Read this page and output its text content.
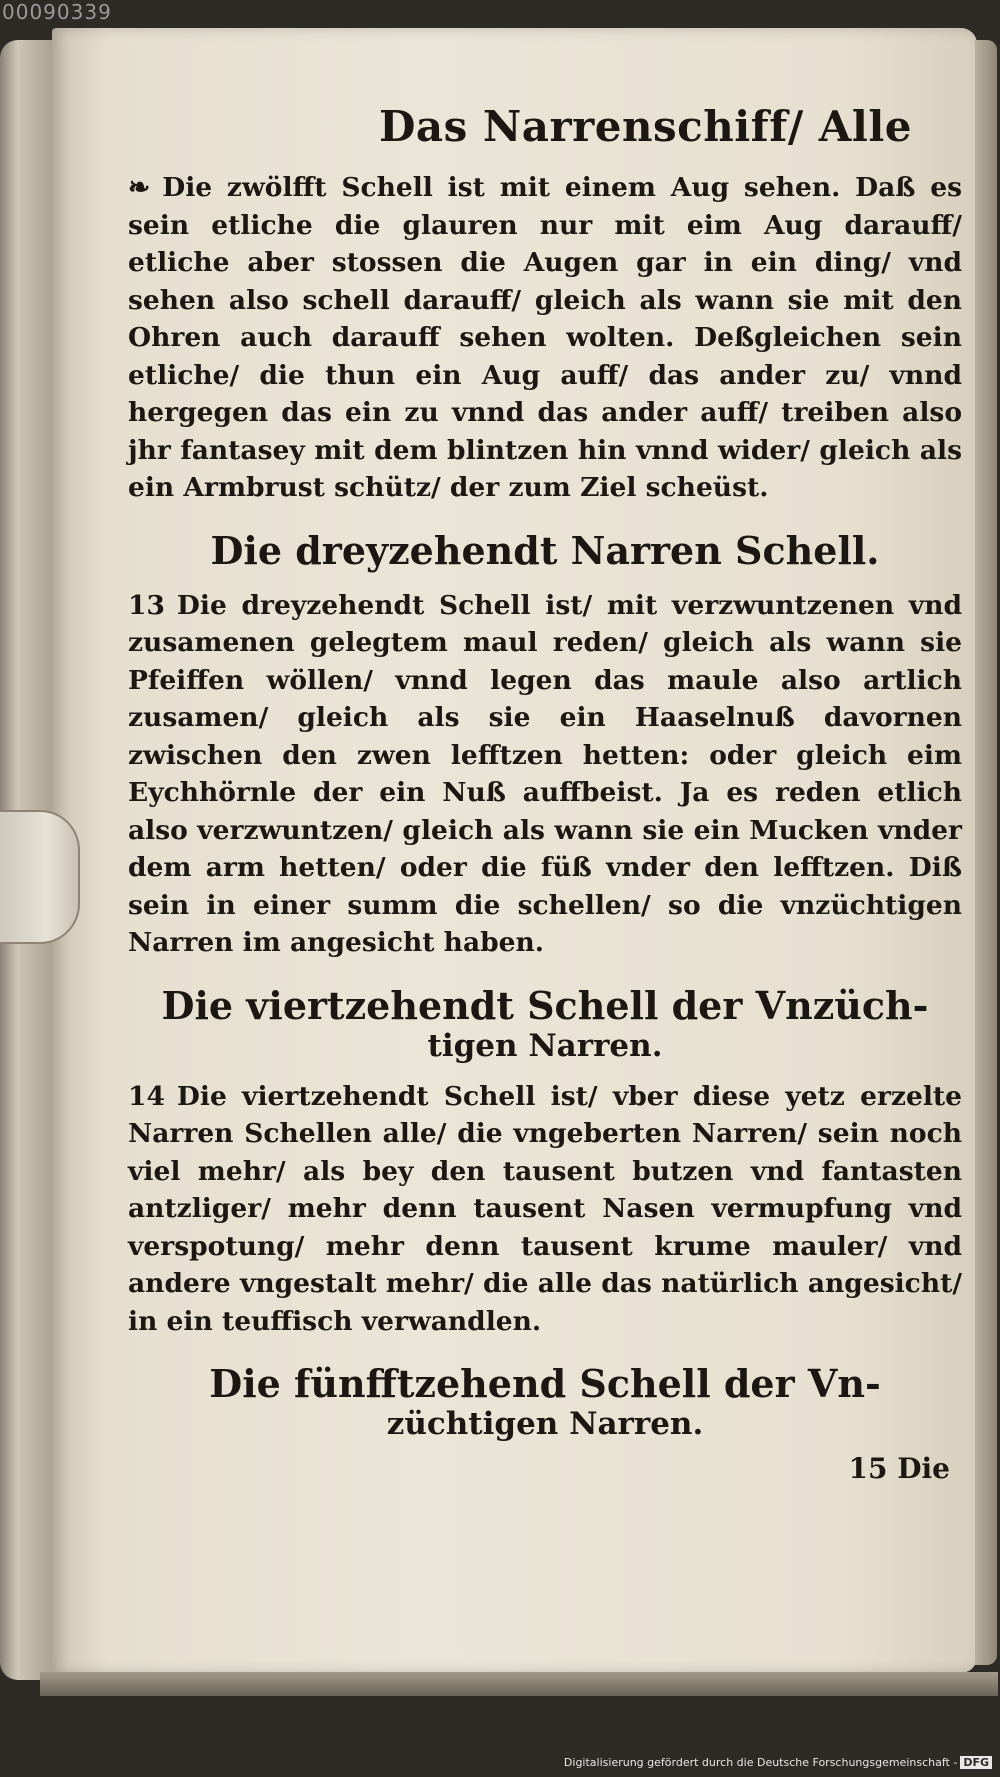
00090339
Das Narrenschiff/ Alle

❧ Die zwölfft Schell ist mit einem Aug sehen. Daß es sein etliche die glauren nur mit eim Aug darauff/ etliche aber stossen die Augen gar in ein ding/ vnd sehen also schell darauff/ gleich als wann sie mit den Ohren auch darauff sehen wolten. Deßgleichen sein etliche/ die thun ein Aug auff/ das ander zu/ vnnd hergegen das ein zu vnnd das ander auff/ treiben also jhr fantasey mit dem blintzen hin vnnd wider/ gleich als ein Armbrust schütz/ der zum Ziel scheüst.

Die dreyzehendt Narren Schell.

13 Die dreyzehendt Schell ist/ mit verzwuntzenen vnd zusamenen gelegtem maul reden/ gleich als wann sie Pfeiffen wöllen/ vnnd legen das maule also artlich zusamen/ gleich als sie ein Haaselnuß davornen zwischen den zwen lefftzen hetten: oder gleich eim Eychhörnle der ein Nuß auffbeist. Ja es reden etlich also verzwuntzen/ gleich als wann sie ein Mucken vnder dem arm hetten/ oder die füß vnder den lefftzen. Diß sein in einer summ die schellen/ so die vnzüchtigen Narren im angesicht haben.

Die viertzehendt Schell der Vnzüch-
tigen Narren.

14 Die viertzehendt Schell ist/ vber diese yetz erzelte Narren Schellen alle/ die vngeberten Narren/ sein noch viel mehr/ als bey den tausent butzen vnd fantasten antzliger/ mehr denn tausent Nasen vermupfung vnd verspotung/ mehr denn tausent krume mauler/ vnd andere vngestalt mehr/ die alle das natürlich angesicht/ in ein teuffisch verwandlen.

Die fünfftzehend Schell der Vn-
züchtigen Narren.
15 Die
Digitalisierung gefördert durch die Deutsche Forschungsgemeinschaft - DFG
